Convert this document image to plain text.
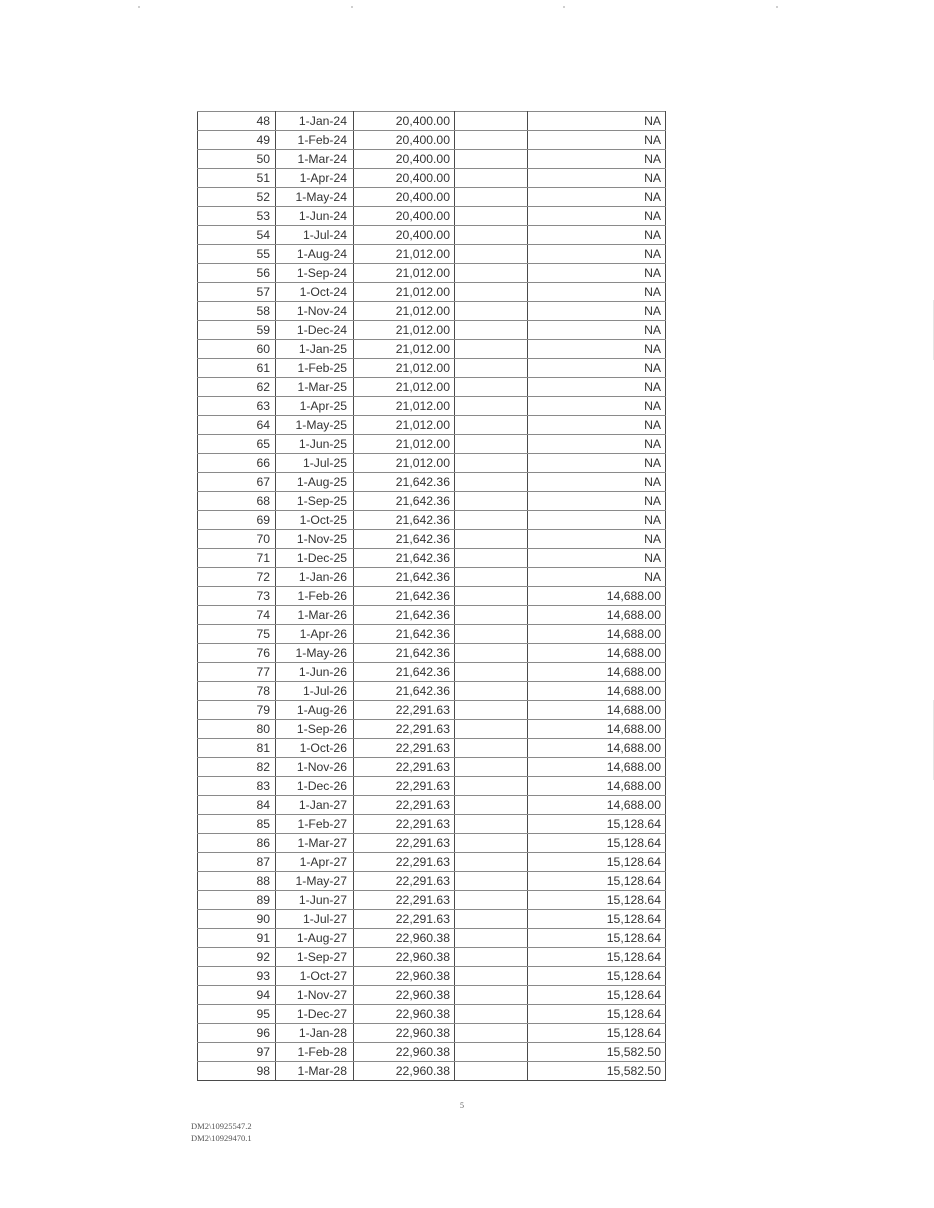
48	1-Jan-24	20,400.00		NA
49	1-Feb-24	20,400.00		NA
50	1-Mar-24	20,400.00		NA
51	1-Apr-24	20,400.00		NA
52	1-May-24	20,400.00		NA
53	1-Jun-24	20,400.00		NA
54	1-Jul-24	20,400.00		NA
55	1-Aug-24	21,012.00		NA
56	1-Sep-24	21,012.00		NA
57	1-Oct-24	21,012.00		NA
58	1-Nov-24	21,012.00		NA
59	1-Dec-24	21,012.00		NA
60	1-Jan-25	21,012.00		NA
61	1-Feb-25	21,012.00		NA
62	1-Mar-25	21,012.00		NA
63	1-Apr-25	21,012.00		NA
64	1-May-25	21,012.00		NA
65	1-Jun-25	21,012.00		NA
66	1-Jul-25	21,012.00		NA
67	1-Aug-25	21,642.36		NA
68	1-Sep-25	21,642.36		NA
69	1-Oct-25	21,642.36		NA
70	1-Nov-25	21,642.36		NA
71	1-Dec-25	21,642.36		NA
72	1-Jan-26	21,642.36		NA
73	1-Feb-26	21,642.36		14,688.00
74	1-Mar-26	21,642.36		14,688.00
75	1-Apr-26	21,642.36		14,688.00
76	1-May-26	21,642.36		14,688.00
77	1-Jun-26	21,642.36		14,688.00
78	1-Jul-26	21,642.36		14,688.00
79	1-Aug-26	22,291.63		14,688.00
80	1-Sep-26	22,291.63		14,688.00
81	1-Oct-26	22,291.63		14,688.00
82	1-Nov-26	22,291.63		14,688.00
83	1-Dec-26	22,291.63		14,688.00
84	1-Jan-27	22,291.63		14,688.00
85	1-Feb-27	22,291.63		15,128.64
86	1-Mar-27	22,291.63		15,128.64
87	1-Apr-27	22,291.63		15,128.64
88	1-May-27	22,291.63		15,128.64
89	1-Jun-27	22,291.63		15,128.64
90	1-Jul-27	22,291.63		15,128.64
91	1-Aug-27	22,960.38		15,128.64
92	1-Sep-27	22,960.38		15,128.64
93	1-Oct-27	22,960.38		15,128.64
94	1-Nov-27	22,960.38		15,128.64
95	1-Dec-27	22,960.38		15,128.64
96	1-Jan-28	22,960.38		15,128.64
97	1-Feb-28	22,960.38		15,582.50
98	1-Mar-28	22,960.38		15,582.50
5
DM2\10925547.2
DM2\10929470.1
